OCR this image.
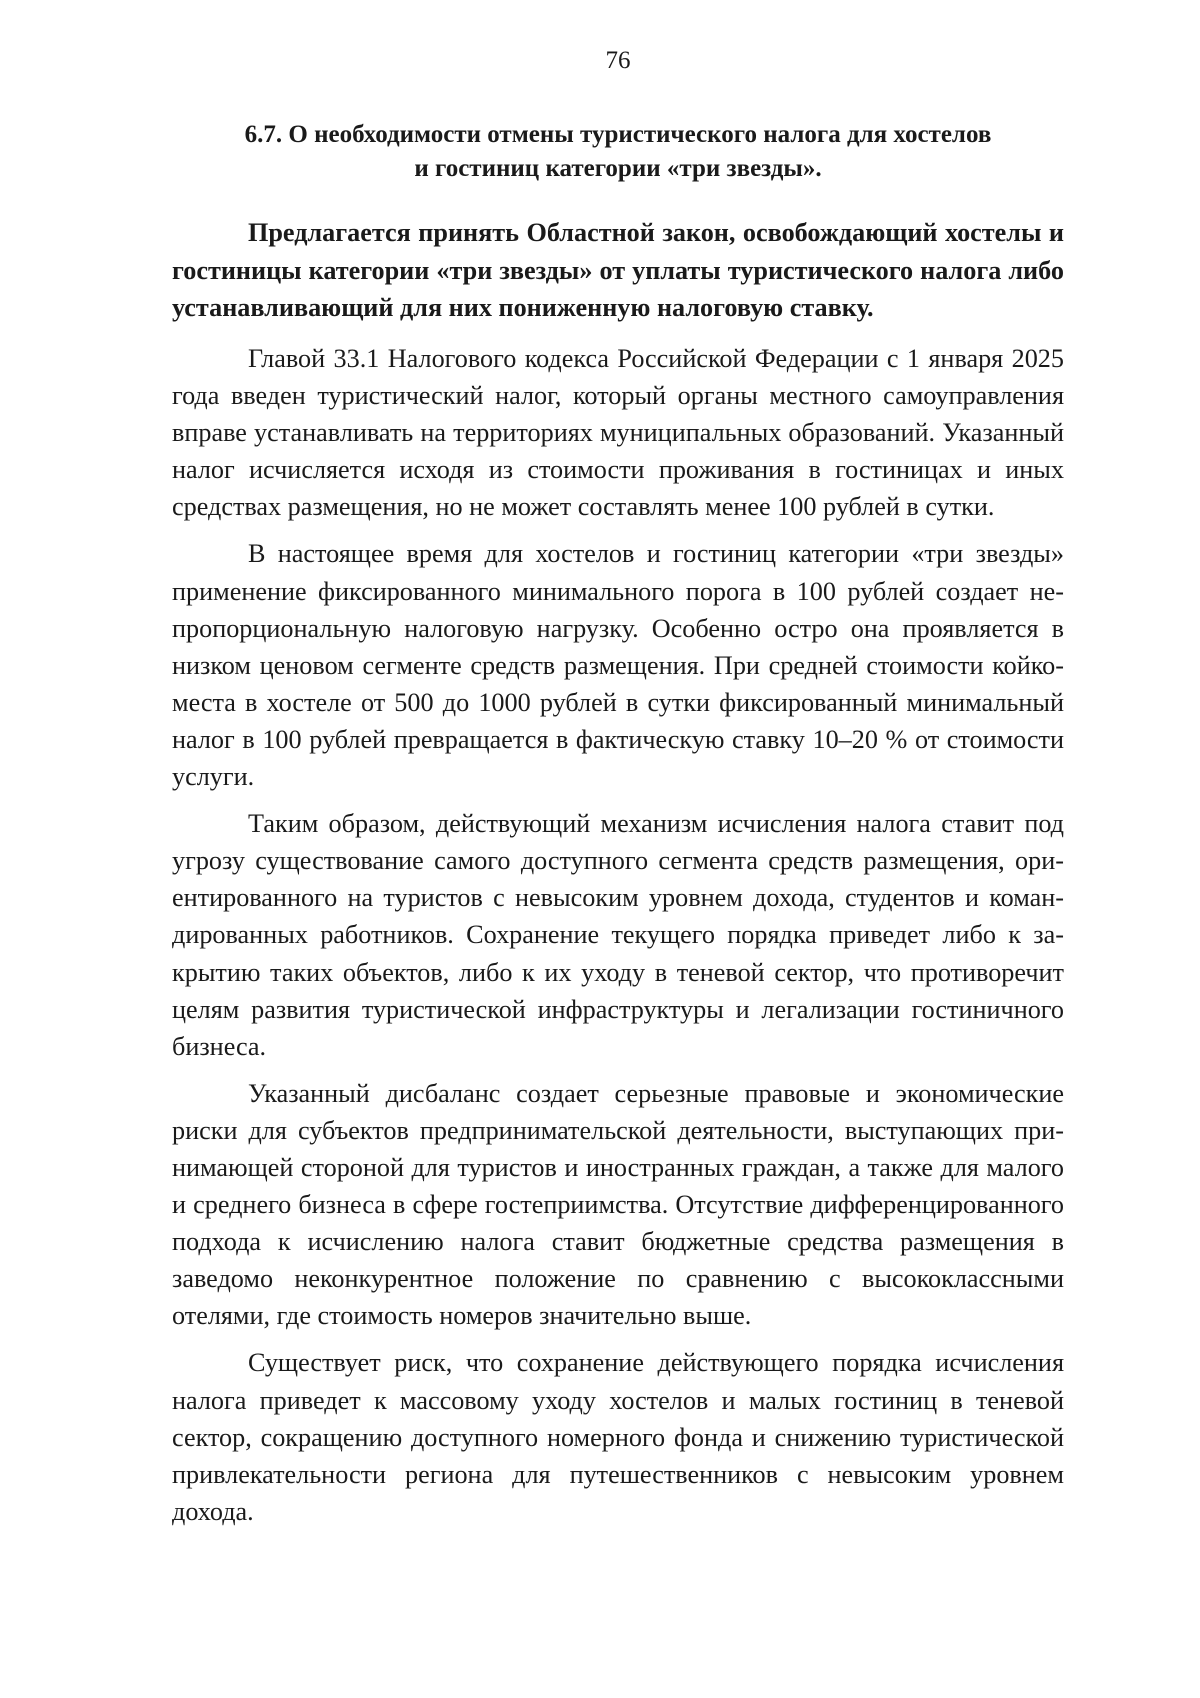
76
6.7. О необходимости отмены туристического налога для хостелов
и гостиниц категории «три звезды».

Предлагается принять Областной закон, освобождающий хостелы и гостиницы категории «три звезды» от уплаты туристического налога либо устанавливающий для них пониженную налоговую ставку.

Главой 33.1 Налогового кодекса Российской Федерации с 1 января 2025 года введен туристический налог, который органы местного самоуправления вправе устанавливать на территориях муниципальных образований. Указанный налог исчисляется исходя из стоимости проживания в гостиницах и иных средствах размещения, но не может составлять менее 100 рублей в сутки.

В настоящее время для хостелов и гостиниц категории «три звезды» применение фиксированного минимального порога в 100 рублей создает непропорциональную налоговую нагрузку. Особенно остро она проявляется в низком ценовом сегменте средств размещения. При средней стоимости койко-места в хостеле от 500 до 1000 рублей в сутки фиксированный минимальный налог в 100 рублей превращается в фактическую ставку 10–20 % от стоимости услуги.

Таким образом, действующий механизм исчисления налога ставит под угрозу существование самого доступного сегмента средств размещения, ориентированного на туристов с невысоким уровнем дохода, студентов и командированных работников. Сохранение текущего порядка приведет либо к закрытию таких объектов, либо к их уходу в теневой сектор, что противоречит целям развития туристической инфраструктуры и легализации гостиничного бизнеса.

Указанный дисбаланс создает серьезные правовые и экономические риски для субъектов предпринимательской деятельности, выступающих принимающей стороной для туристов и иностранных граждан, а также для малого и среднего бизнеса в сфере гостеприимства. Отсутствие дифференцированного подхода к исчислению налога ставит бюджетные средства размещения в заведомо неконкурентное положение по сравнению с высококлассными отелями, где стоимость номеров значительно выше.

Существует риск, что сохранение действующего порядка исчисления налога приведет к массовому уходу хостелов и малых гостиниц в теневой сектор, сокращению доступного номерного фонда и снижению туристической привлекательности региона для путешественников с невысоким уровнем дохода.
